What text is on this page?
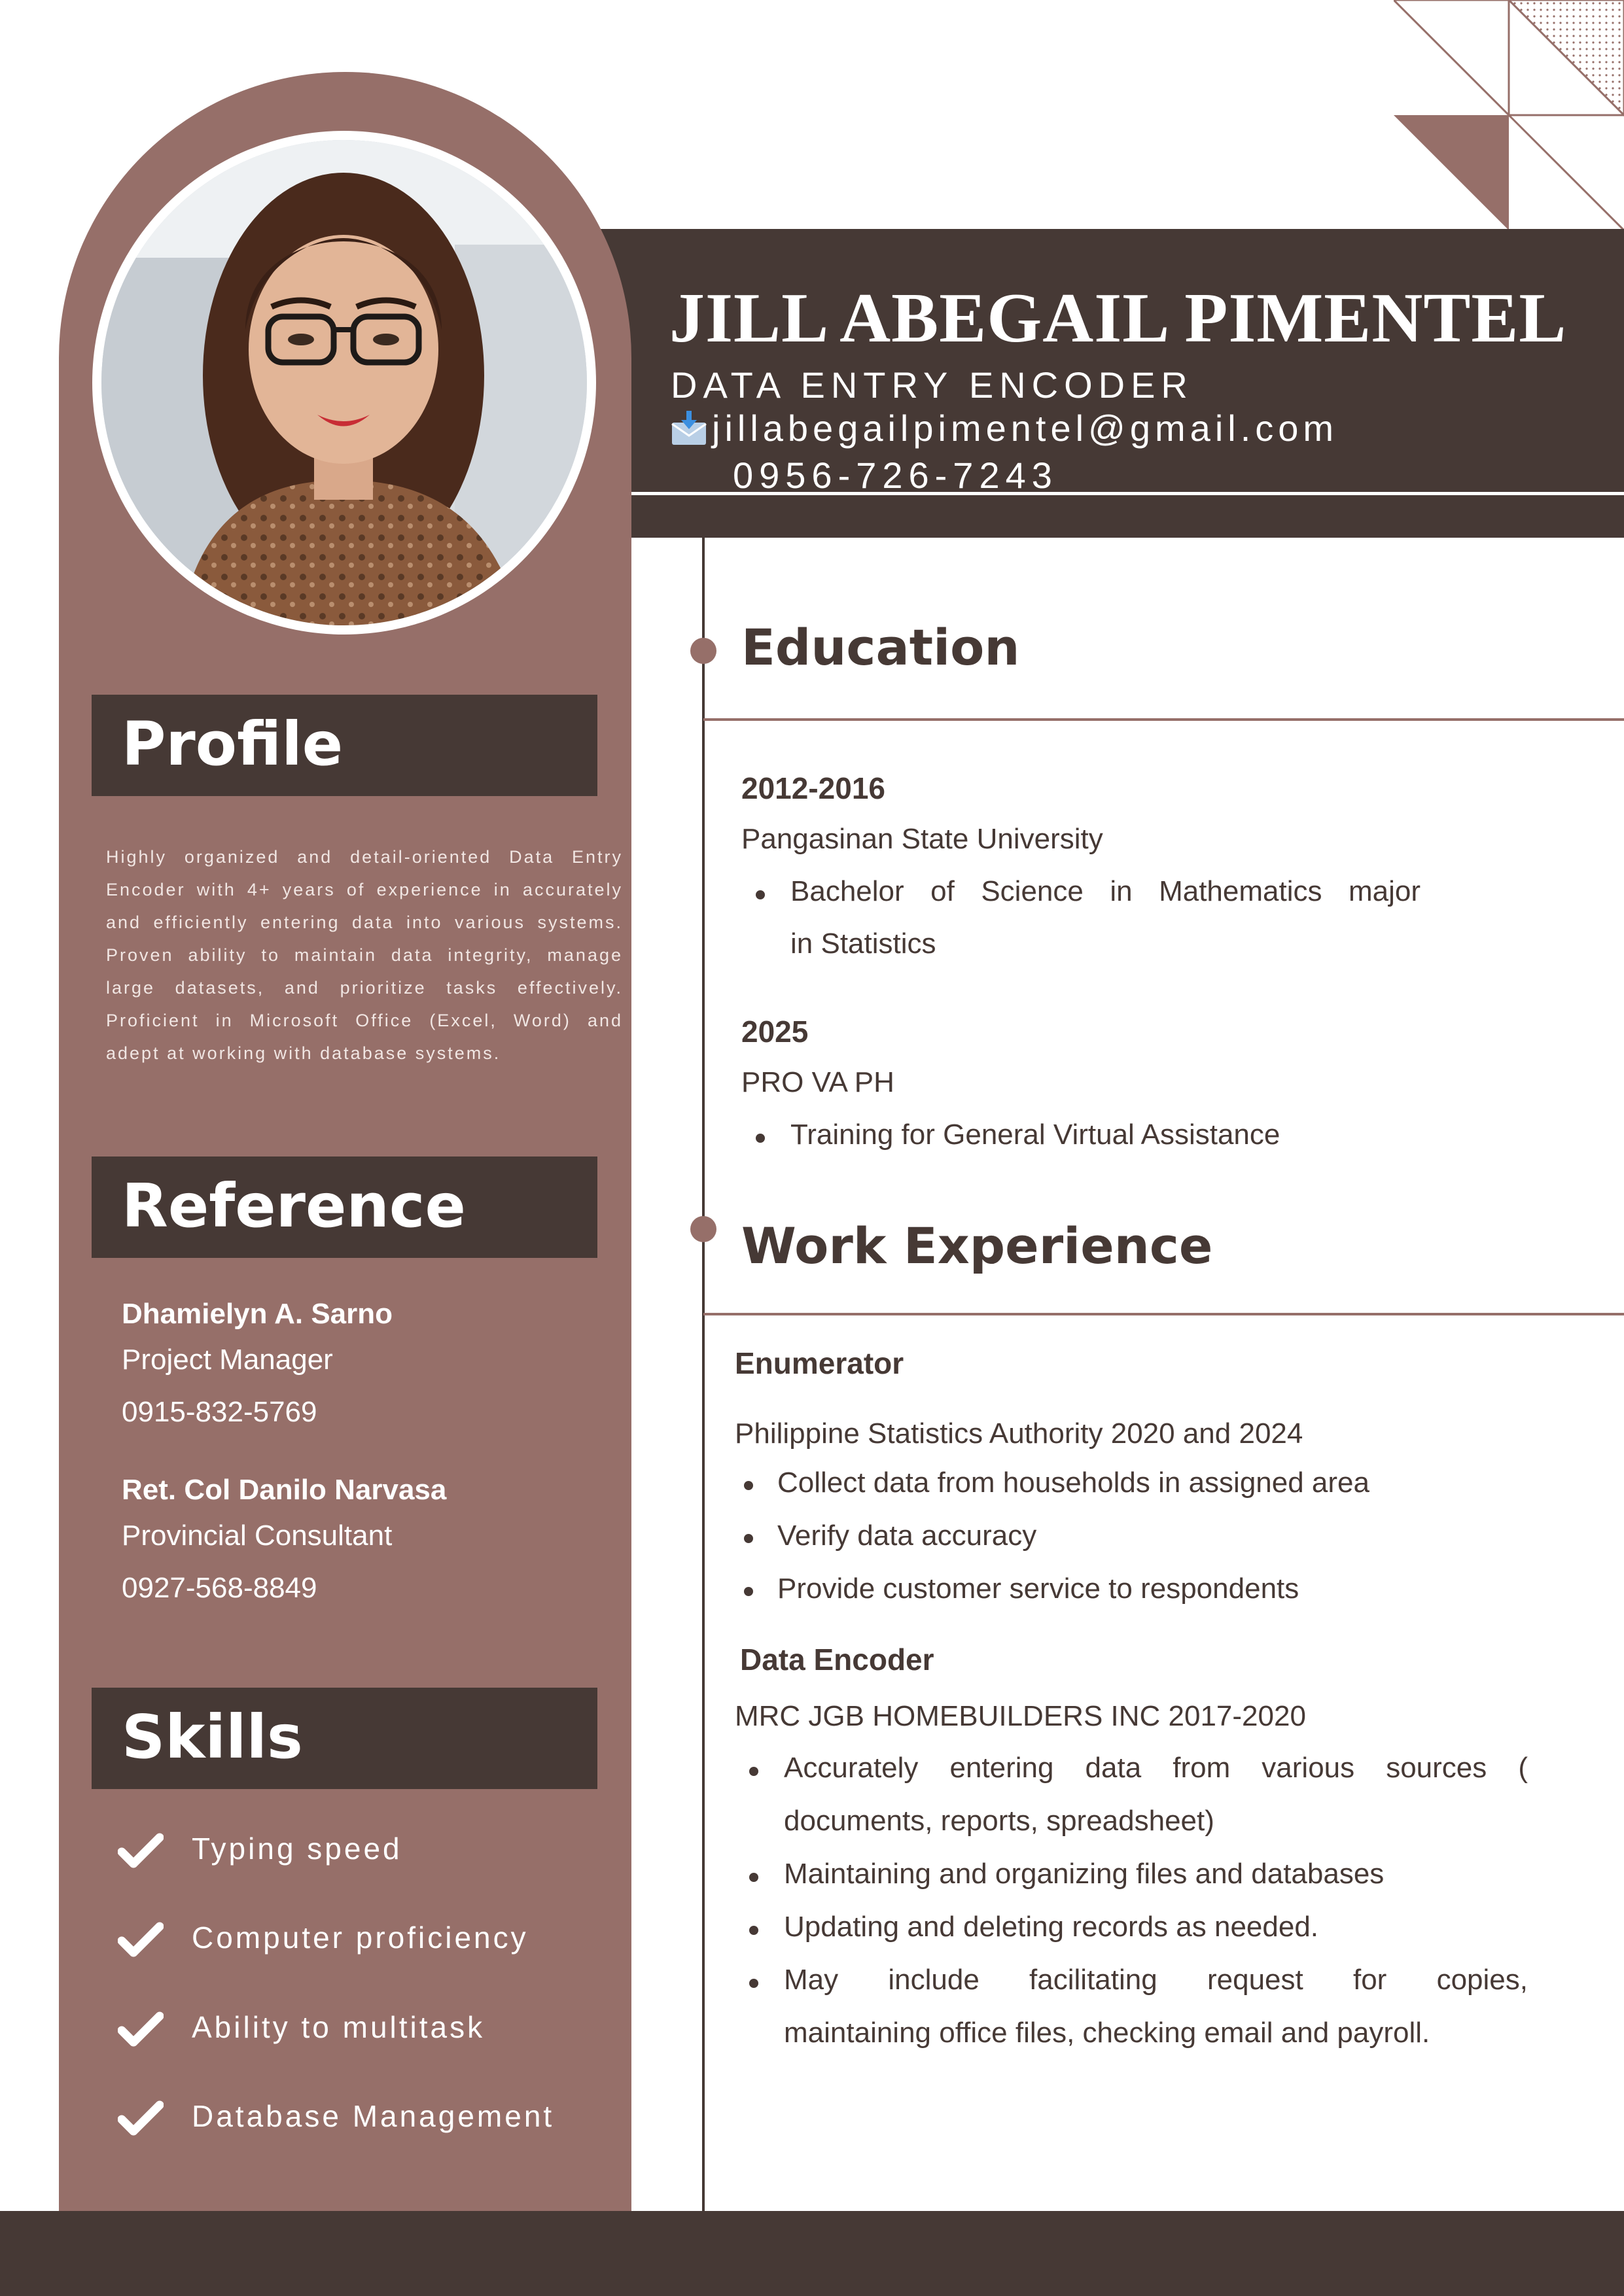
JILL ABEGAIL PIMENTEL
DATA ENTRY ENCODER
jillabegailpimentel@gmail.com
0956-726-7243
Profile
Highly organized and detail-oriented Data Entry Encoder with 4+ years of experience in accurately and efficiently entering data into various systems. Proven ability to maintain data integrity, manage large datasets, and prioritize tasks effectively. Proficient in Microsoft Office (Excel, Word) and adept at working with database systems.
Reference
Dhamielyn A. Sarno
Project Manager
0915-832-5769
Ret. Col Danilo Narvasa
Provincial Consultant
0927-568-8849
Skills
Typing speed
Computer proficiency
Ability to multitask
Database Management
Education
2012-2016
Pangasinan State University
Bachelor of Science in Mathematics major
in Statistics
2025
PRO VA PH
Training for General Virtual Assistance
Work Experience
Enumerator
Philippine Statistics Authority 2020 and 2024
Collect data from households in assigned area
Verify data accuracy
Provide customer service to respondents
Data Encoder
MRC JGB HOMEBUILDERS INC 2017-2020
Accurately entering data from various sources (
documents, reports, spreadsheet)
Maintaining and organizing files and databases
Updating and deleting records as needed.
May include facilitating request for copies,
maintaining office files, checking email and payroll.
